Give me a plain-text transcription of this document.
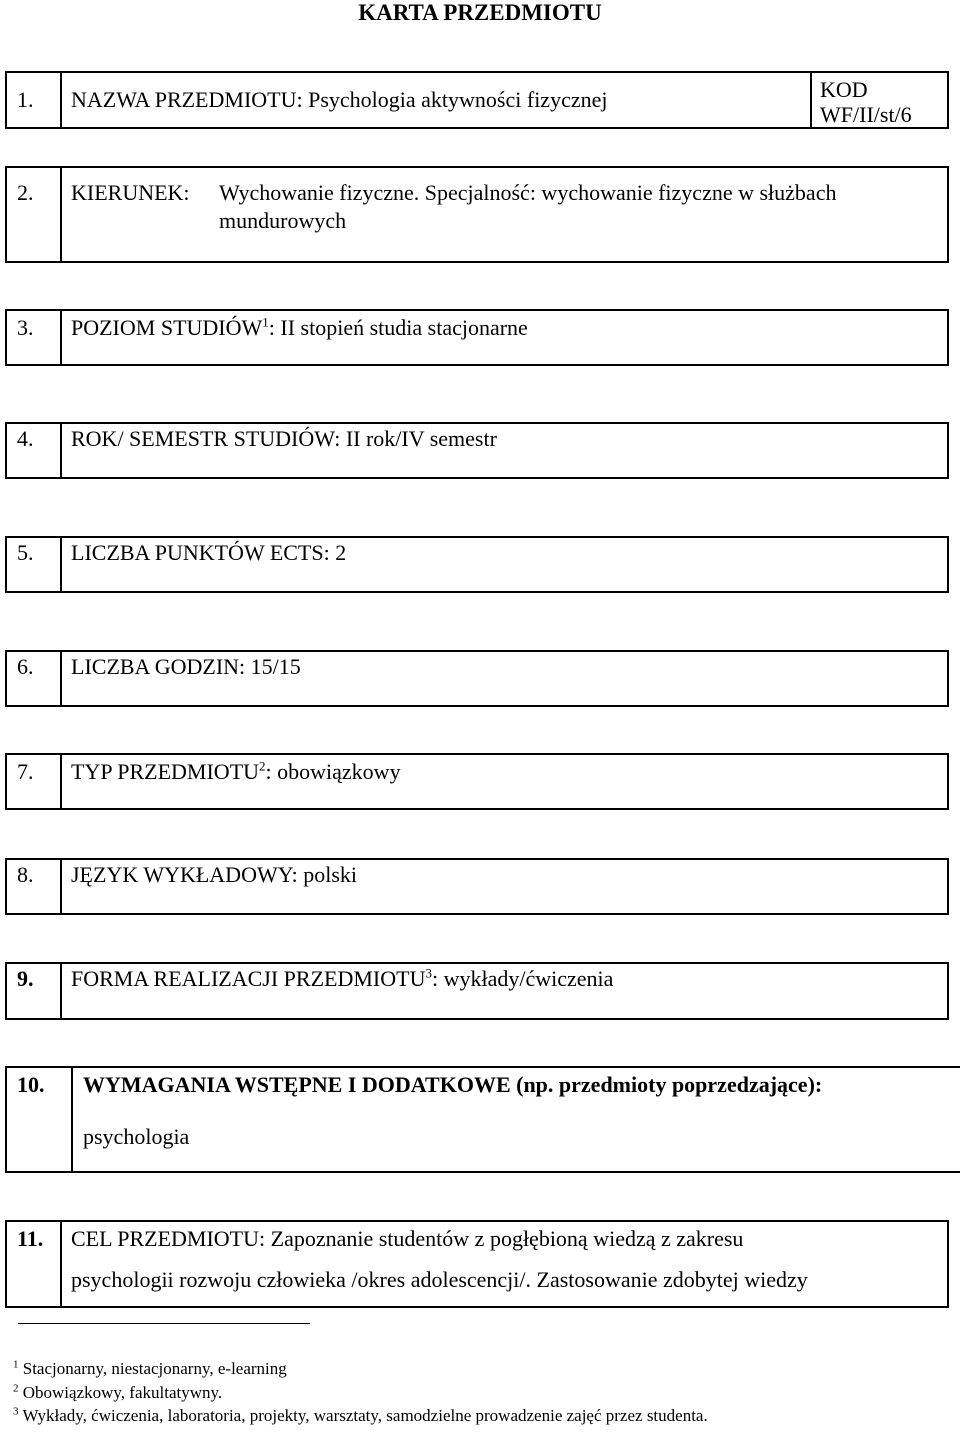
KARTA PRZEDMIOTU
1. NAZWA PRZEDMIOTU: Psychologia aktywności fizycznej	KOD
WF/II/st/6
2. KIERUNEK: Wychowanie fizyczne. Specjalność: wychowanie fizyczne w służbach
mundurowych
3. POZIOM STUDIÓW$^1$: II stopień studia stacjonarne
4. ROK/ SEMESTR STUDIÓW: II rok/IV semestr
5. LICZBA PUNKTÓW ECTS: 2
6. LICZBA GODZIN: 15/15
7. TYP PRZEDMIOTU$^2$: obowiązkowy
8. JĘZYK WYKŁADOWY: polski
9. FORMA REALIZACJI PRZEDMIOTU$^3$: wykłady/ćwiczenia
10. WYMAGANIA WSTĘPNE I DODATKOWE (np. przedmioty poprzedzające):
psychologia
11. CEL PRZEDMIOTU: Zapoznanie studentów z pogłębioną wiedzą z zakresu
psychologii rozwoju człowieka /okres adolescencji/. Zastosowanie zdobytej wiedzy
$^1$ Stacjonarny, niestacjonarny, e-learning
$^2$ Obowiązkowy, fakultatywny.
$^3$ Wykłady, ćwiczenia, laboratoria, projekty, warsztaty, samodzielne prowadzenie zajęć przez studenta.
